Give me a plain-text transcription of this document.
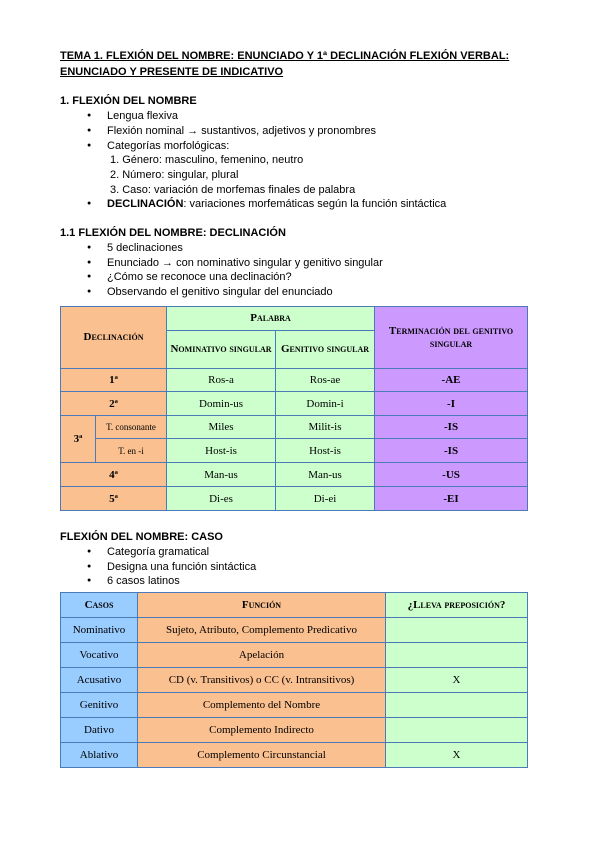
TEMA 1. FLEXIÓN DEL NOMBRE: ENUNCIADO Y 1ª DECLINACIÓN FLEXIÓN VERBAL:
ENUNCIADO Y PRESENTE DE INDICATIVO
1. FLEXIÓN DEL NOMBRE
● Lengua flexiva
● Flexión nominal → sustantivos, adjetivos y pronombres
● Categorías morfológicas:
1. Género: masculino, femenino, neutro
2. Número: singular, plural
3. Caso: variación de morfemas finales de palabra
● DECLINACIÓN: variaciones morfemáticas según la función sintáctica
1.1 FLEXIÓN DEL NOMBRE: DECLINACIÓN
● 5 declinaciones
● Enunciado → con nominativo singular y genitivo singular
● ¿Cómo se reconoce una declinación?
● Observando el genitivo singular del enunciado
Declinación		Palabra		Terminación del genitivo singular
		Nominativo singular	Genitivo singular	
1ª		Ros-a	Ros-ae	-AE
2ª		Domin-us	Domin-i	-I
3ª	T. consonante	Miles	Milit-is	-IS
	T. en -i	Host-is	Host-is	-IS
4ª		Man-us	Man-us	-US
5ª		Di-es	Di-ei	-EI
FLEXIÓN DEL NOMBRE: CASO
● Categoría gramatical
● Designa una función sintáctica
● 6 casos latinos
Casos	Función	¿Lleva preposición?
Nominativo	Sujeto, Atributo, Complemento Predicativo	
Vocativo	Apelación	
Acusativo	CD (v. Transitivos) o CC (v. Intransitivos)	X
Genitivo	Complemento del Nombre	
Dativo	Complemento Indirecto	
Ablativo	Complemento Circunstancial	X
